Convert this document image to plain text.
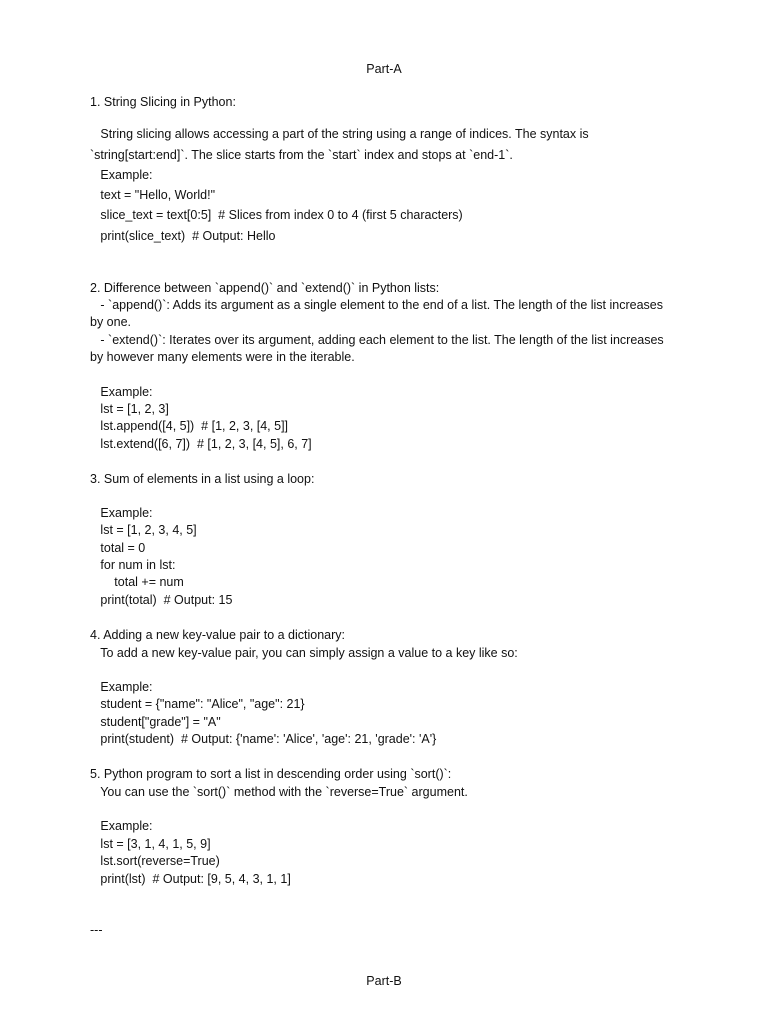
Part-A
1. String Slicing in Python:
String slicing allows accessing a part of the string using a range of indices. The syntax is
`string[start:end]`. The slice starts from the `start` index and stops at `end-1`.
Example:
text = "Hello, World!"
slice_text = text[0:5]  # Slices from index 0 to 4 (first 5 characters)
print(slice_text)  # Output: Hello
2. Difference between `append()` and `extend()` in Python lists:
- `append()`: Adds its argument as a single element to the end of a list. The length of the list increases
by one.
- `extend()`: Iterates over its argument, adding each element to the list. The length of the list increases
by however many elements were in the iterable.
Example:
lst = [1, 2, 3]
lst.append([4, 5])  # [1, 2, 3, [4, 5]]
lst.extend([6, 7])  # [1, 2, 3, [4, 5], 6, 7]
3. Sum of elements in a list using a loop:
Example:
lst = [1, 2, 3, 4, 5]
total = 0
for num in lst:
total += num
print(total)  # Output: 15
4. Adding a new key-value pair to a dictionary:
To add a new key-value pair, you can simply assign a value to a key like so:
Example:
student = {"name": "Alice", "age": 21}
student["grade"] = "A"
print(student)  # Output: {'name': 'Alice', 'age': 21, 'grade': 'A'}
5. Python program to sort a list in descending order using `sort()`:
You can use the `sort()` method with the `reverse=True` argument.
Example:
lst = [3, 1, 4, 1, 5, 9]
lst.sort(reverse=True)
print(lst)  # Output: [9, 5, 4, 3, 1, 1]
---
Part-B
